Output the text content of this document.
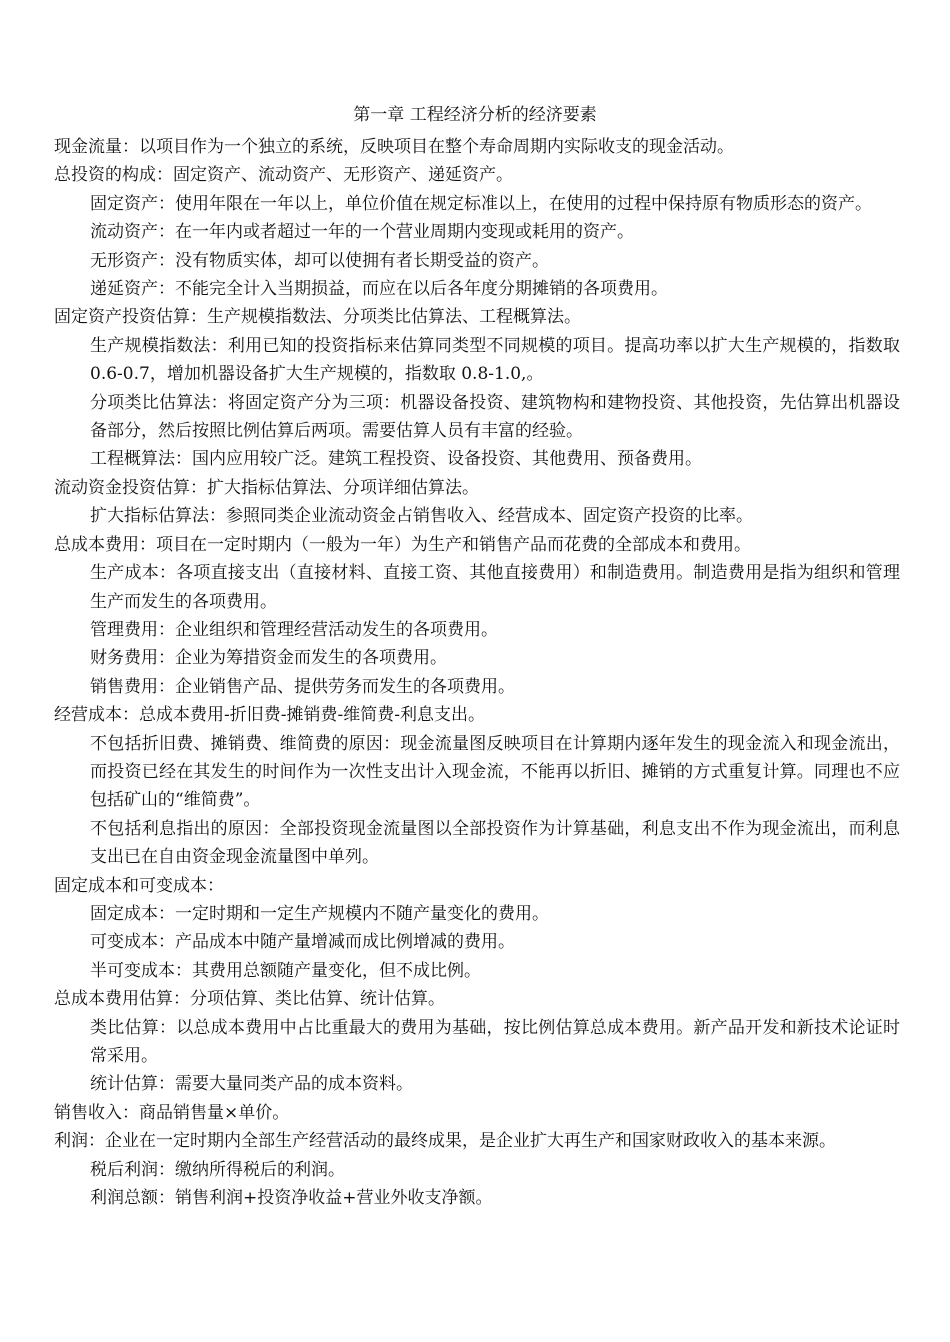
第一章 工程经济分析的经济要素

现金流量：以项目作为一个独立的系统，反映项目在整个寿命周期内实际收支的现金活动。

总投资的构成：固定资产、流动资产、无形资产、递延资产。

固定资产：使用年限在一年以上，单位价值在规定标准以上，在使用的过程中保持原有物质形态的资产。

流动资产：在一年内或者超过一年的一个营业周期内变现或耗用的资产。

无形资产：没有物质实体，却可以使拥有者长期受益的资产。

递延资产：不能完全计入当期损益，而应在以后各年度分期摊销的各项费用。

固定资产投资估算：生产规模指数法、分项类比估算法、工程概算法。

生产规模指数法：利用已知的投资指标来估算同类型不同规模的项目。提高功率以扩大生产规模的，指数取 0.6-0.7，增加机器设备扩大生产规模的，指数取 0.8-1.0,。

分项类比估算法：将固定资产分为三项：机器设备投资、建筑物构和建物投资、其他投资，先估算出机器设备部分，然后按照比例估算后两项。需要估算人员有丰富的经验。

工程概算法：国内应用较广泛。建筑工程投资、设备投资、其他费用、预备费用。

流动资金投资估算：扩大指标估算法、分项详细估算法。

扩大指标估算法：参照同类企业流动资金占销售收入、经营成本、固定资产投资的比率。

总成本费用：项目在一定时期内（一般为一年）为生产和销售产品而花费的全部成本和费用。

生产成本：各项直接支出（直接材料、直接工资、其他直接费用）和制造费用。制造费用是指为组织和管理生产而发生的各项费用。

管理费用：企业组织和管理经营活动发生的各项费用。

财务费用：企业为筹措资金而发生的各项费用。

销售费用：企业销售产品、提供劳务而发生的各项费用。

经营成本：总成本费用-折旧费-摊销费-维简费-利息支出。

不包括折旧费、摊销费、维简费的原因：现金流量图反映项目在计算期内逐年发生的现金流入和现金流出，而投资已经在其发生的时间作为一次性支出计入现金流，不能再以折旧、摊销的方式重复计算。同理也不应包括矿山的“维简费”。

不包括利息指出的原因：全部投资现金流量图以全部投资作为计算基础，利息支出不作为现金流出，而利息支出已在自由资金现金流量图中单列。

固定成本和可变成本：

固定成本：一定时期和一定生产规模内不随产量变化的费用。

可变成本：产品成本中随产量增减而成比例增减的费用。

半可变成本：其费用总额随产量变化，但不成比例。

总成本费用估算：分项估算、类比估算、统计估算。

类比估算：以总成本费用中占比重最大的费用为基础，按比例估算总成本费用。新产品开发和新技术论证时常采用。

统计估算：需要大量同类产品的成本资料。

销售收入：商品销售量×单价。

利润：企业在一定时期内全部生产经营活动的最终成果，是企业扩大再生产和国家财政收入的基本来源。

税后利润：缴纳所得税后的利润。

利润总额：销售利润+投资净收益+营业外收支净额。
